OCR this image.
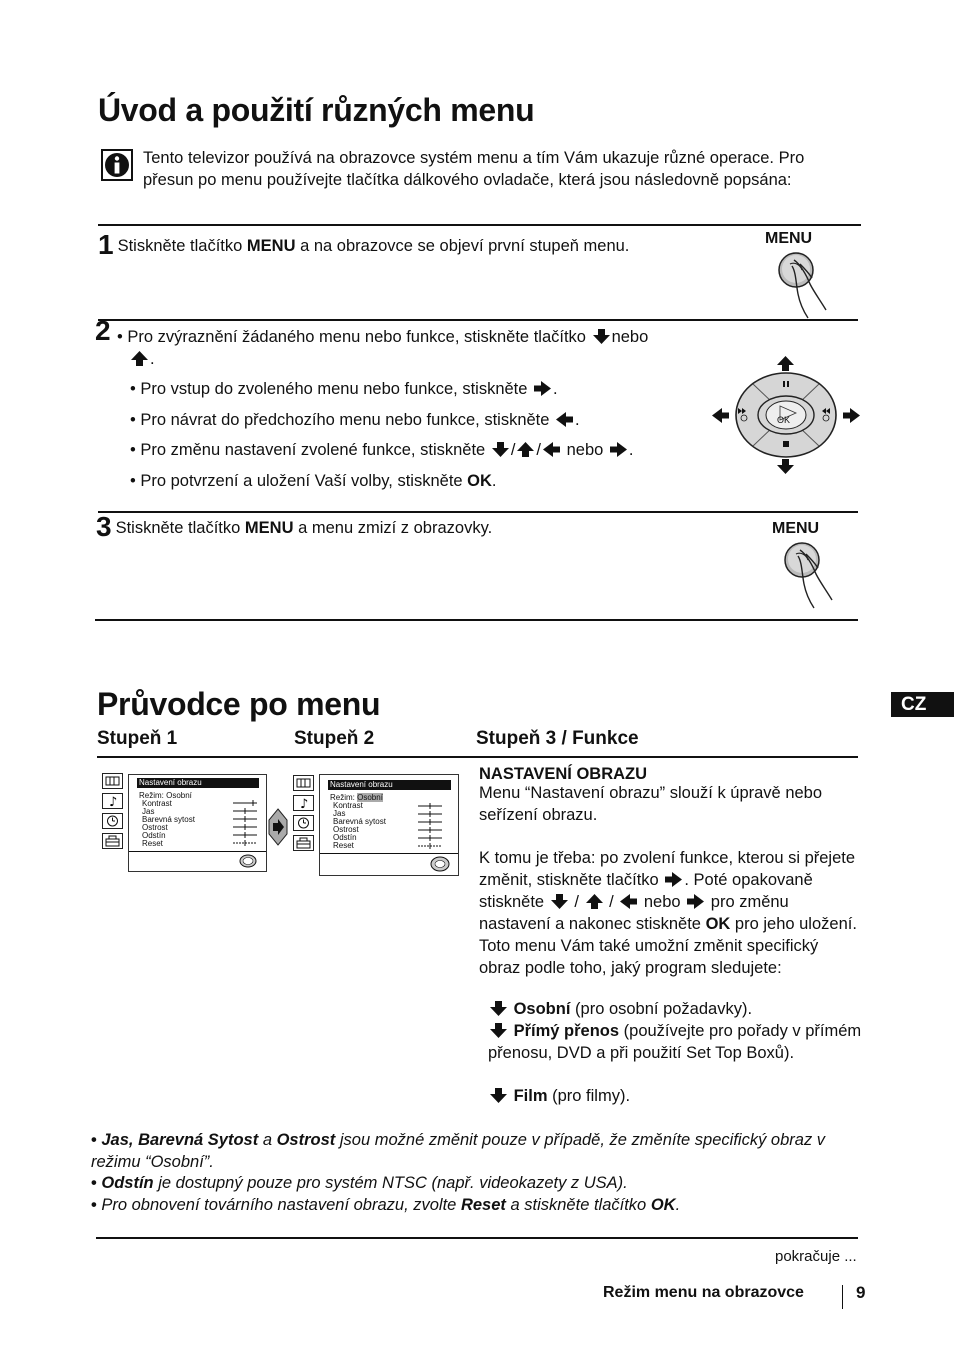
Úvod a použití různých menu
Tento televizor používá na obrazovce systém menu a tím Vám ukazuje různé operace. Pro přesun po menu používejte tlačítka dálkového ovladače, která jsou následovně popsána:
1 Stiskněte tlačítko MENU a na obrazovce se objeví první stupeň menu.	MENU
2 • Pro zvýraznění žádaného menu nebo funkce, stiskněte tlačítko nebo

.
• Pro vstup do zvoleného menu nebo funkce, stiskněte .
• Pro návrat do předchozího menu nebo funkce, stiskněte .
• Pro změnu nastavení zvolené funkce, stiskněte / / nebo .
• Pro potvrzení a uložení Vaší volby, stiskněte OK.
OK
3 Stiskněte tlačítko MENU a menu zmizí z obrazovky.	MENU
Průvodce po menu	CZ
Stupeň 1	Stupeň 2	Stupeň 3 / Funkce
♪
Nastavení obrazu
Režim: Osobní
Kontrast
Jas
Barevná sytost
Ostrost
Odstín
Reset
♪
Nastavení obrazu
Režim: Osobní
Kontrast
Jas
Barevná sytost
Ostrost
Odstín
Reset
NASTAVENÍ OBRAZU
Menu “Nastavení obrazu” slouží k úpravě nebo seřízení obrazu.
K tomu je třeba: po zvolení funkce, kterou si přejete změnit, stiskněte tlačítko . Poté opakovaně stiskněte / / nebo pro změnu nastavení a nakonec stiskněte OK pro jeho uložení.
Toto menu Vám také umožní změnit specifický obraz podle toho, jaký program sledujete:
Osobní (pro osobní požadavky).
Přímý přenos (používejte pro pořady v přímém přenosu, DVD a při použití Set Top Boxů).
Film (pro filmy).
• Jas, Barevná Sytost a Ostrost jsou možné změnit pouze v případě, že změníte specifický obraz v režimu “Osobní”.
• Odstín je dostupný pouze pro systém NTSC (např. videokazety z USA).
• Pro obnovení továrního nastavení obrazu, zvolte Reset a stiskněte tlačítko OK.
pokračuje ...
Režim menu na obrazovce	9
